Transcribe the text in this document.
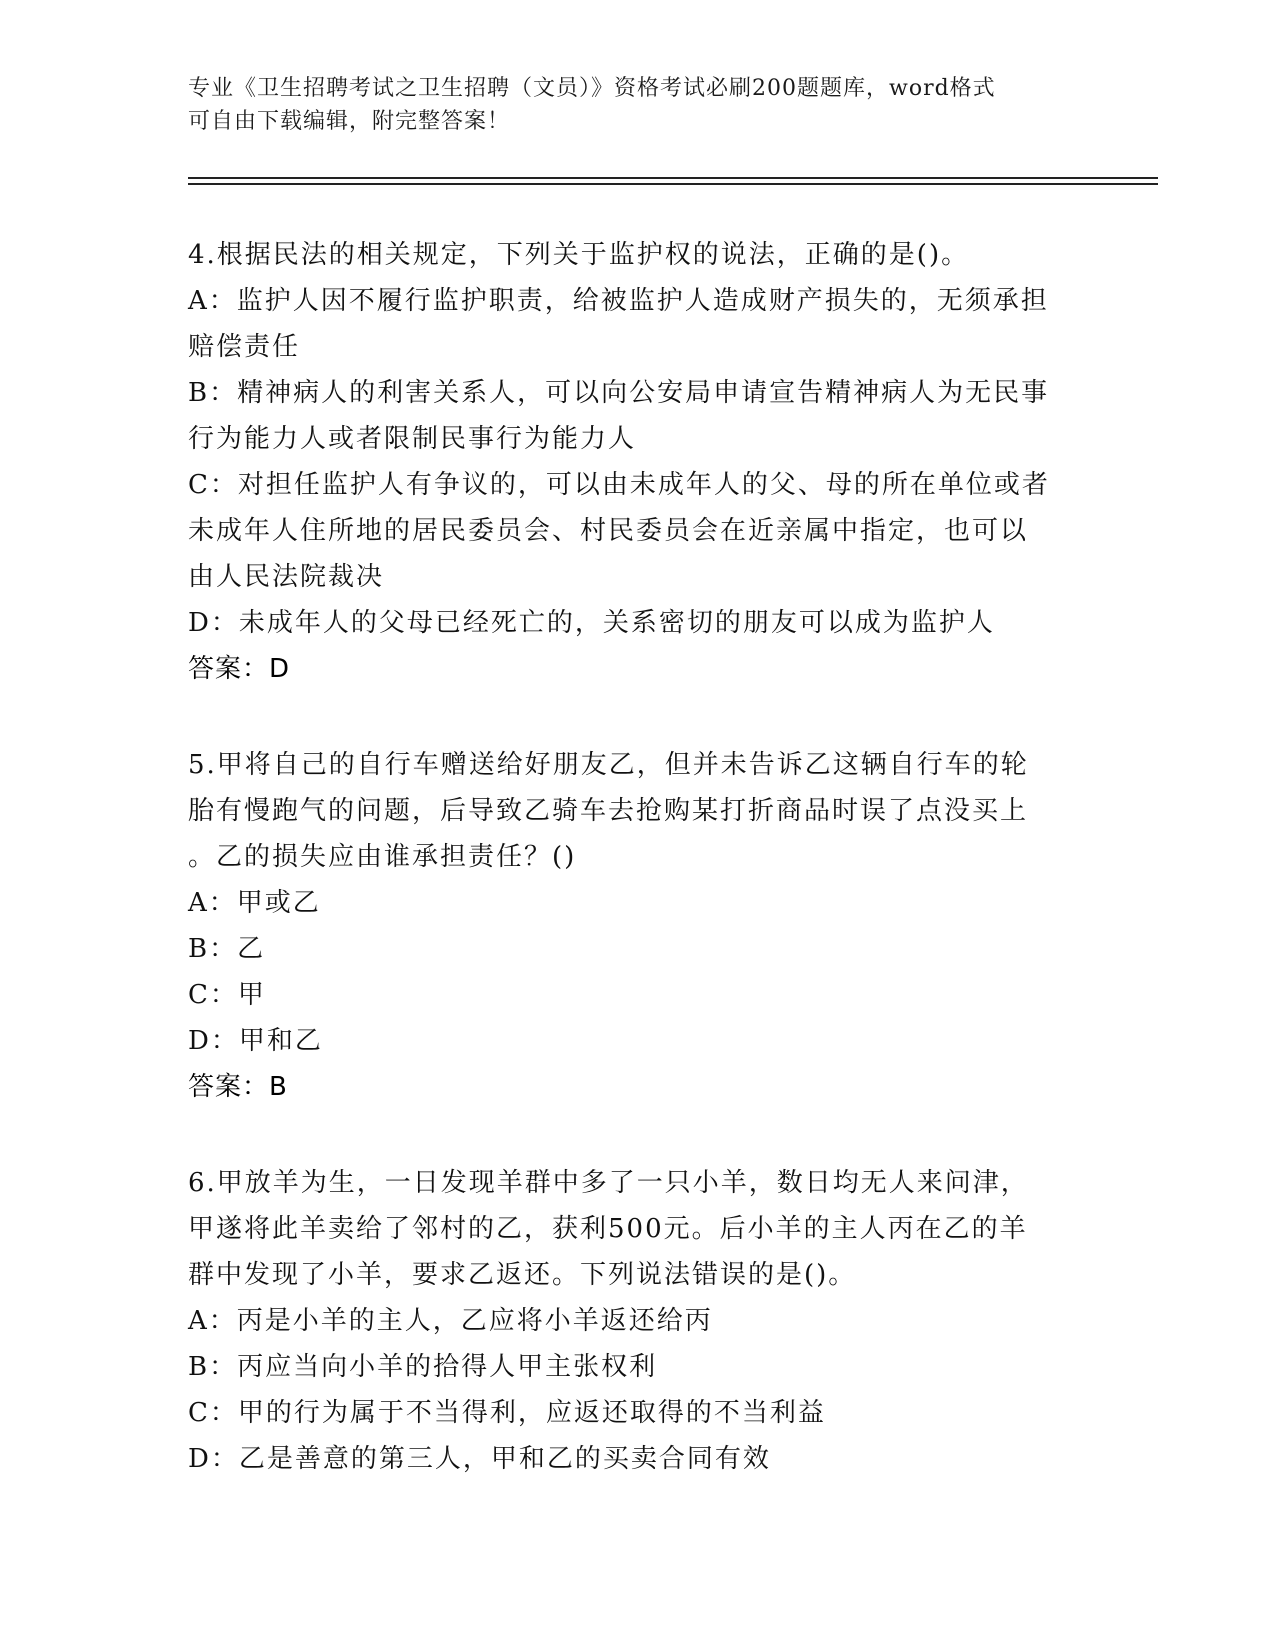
专业《卫生招聘考试之卫生招聘（文员）》资格考试必刷200题题库，word格式
可自由下载编辑，附完整答案！
4.根据民法的相关规定，下列关于监护权的说法，正确的是()。
A：监护人因不履行监护职责，给被监护人造成财产损失的，无须承担
赔偿责任
B：精神病人的利害关系人，可以向公安局申请宣告精神病人为无民事
行为能力人或者限制民事行为能力人
C：对担任监护人有争议的，可以由未成年人的父、母的所在单位或者
未成年人住所地的居民委员会、村民委员会在近亲属中指定，也可以
由人民法院裁决
D：未成年人的父母已经死亡的，关系密切的朋友可以成为监护人
答案：D
5.甲将自己的自行车赠送给好朋友乙，但并未告诉乙这辆自行车的轮
胎有慢跑气的问题，后导致乙骑车去抢购某打折商品时误了点没买上
。乙的损失应由谁承担责任？()
A：甲或乙
B：乙
C：甲
D：甲和乙
答案：B
6.甲放羊为生，一日发现羊群中多了一只小羊，数日均无人来问津，
甲遂将此羊卖给了邻村的乙，获利500元。后小羊的主人丙在乙的羊
群中发现了小羊，要求乙返还。下列说法错误的是()。
A：丙是小羊的主人，乙应将小羊返还给丙
B：丙应当向小羊的拾得人甲主张权利
C：甲的行为属于不当得利，应返还取得的不当利益
D：乙是善意的第三人，甲和乙的买卖合同有效
